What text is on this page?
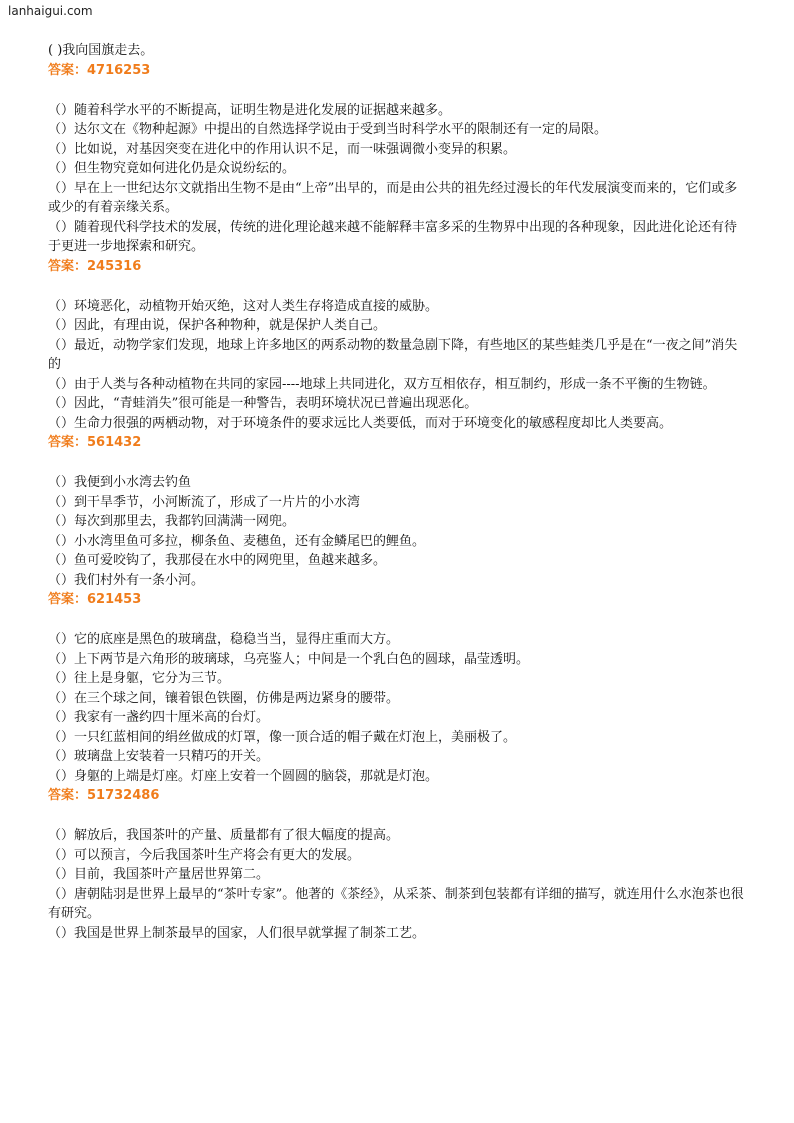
lanhaigui.com
( )我向国旗走去。
答案：4716253
（）随着科学水平的不断提高，证明生物是进化发展的证据越来越多。
（）达尔文在《物种起源》中提出的自然选择学说由于受到当时科学水平的限制还有一定的局限。
（）比如说，对基因突变在进化中的作用认识不足，而一味强调微小变异的积累。
（）但生物究竟如何进化仍是众说纷纭的。
（）早在上一世纪达尔文就指出生物不是由“上帝”出早的，而是由公共的祖先经过漫长的年代发展演变而来的，它们或多或少的有着亲缘关系。
（）随着现代科学技术的发展，传统的进化理论越来越不能解释丰富多采的生物界中出现的各种现象，因此进化论还有待于更进一步地探索和研究。
答案：245316
（）环境恶化，动植物开始灭绝，这对人类生存将造成直接的威胁。
（）因此，有理由说，保护各种物种，就是保护人类自己。
（）最近，动物学家们发现，地球上许多地区的两系动物的数量急剧下降，有些地区的某些蛙类几乎是在“一夜之间”消失的
（）由于人类与各种动植物在共同的家园----地球上共同进化，双方互相依存，相互制约，形成一条不平衡的生物链。
（）因此，“青蛙消失”很可能是一种警告，表明环境状况已普遍出现恶化。
（）生命力很强的两栖动物，对于环境条件的要求远比人类要低，而对于环境变化的敏感程度却比人类要高。
答案：561432
（）我便到小水湾去钓鱼
（）到干旱季节，小河断流了，形成了一片片的小水湾
（）每次到那里去，我都钓回满满一网兜。
（）小水湾里鱼可多拉，柳条鱼、麦穗鱼，还有金鳞尾巴的鲤鱼。
（）鱼可爱咬钩了，我那侵在水中的网兜里，鱼越来越多。
（）我们村外有一条小河。
答案：621453
（）它的底座是黑色的玻璃盘，稳稳当当，显得庄重而大方。
（）上下两节是六角形的玻璃球，乌亮鉴人；中间是一个乳白色的圆球，晶莹透明。
（）往上是身躯，它分为三节。
（）在三个球之间，镶着银色铁圈，仿佛是两边紧身的腰带。
（）我家有一盏约四十厘米高的台灯。
（）一只红蓝相间的绢丝做成的灯罩，像一顶合适的帽子戴在灯泡上，美丽极了。
（）玻璃盘上安装着一只精巧的开关。
（）身躯的上端是灯座。灯座上安着一个圆圆的脑袋，那就是灯泡。
答案：51732486
（）解放后，我国茶叶的产量、质量都有了很大幅度的提高。
（）可以预言，今后我国茶叶生产将会有更大的发展。
（）目前，我国茶叶产量居世界第二。
（）唐朝陆羽是世界上最早的“茶叶专家”。他著的《茶经》，从采茶、制茶到包装都有详细的描写，就连用什么水泡茶也很有研究。
（）我国是世界上制茶最早的国家，人们很早就掌握了制茶工艺。
